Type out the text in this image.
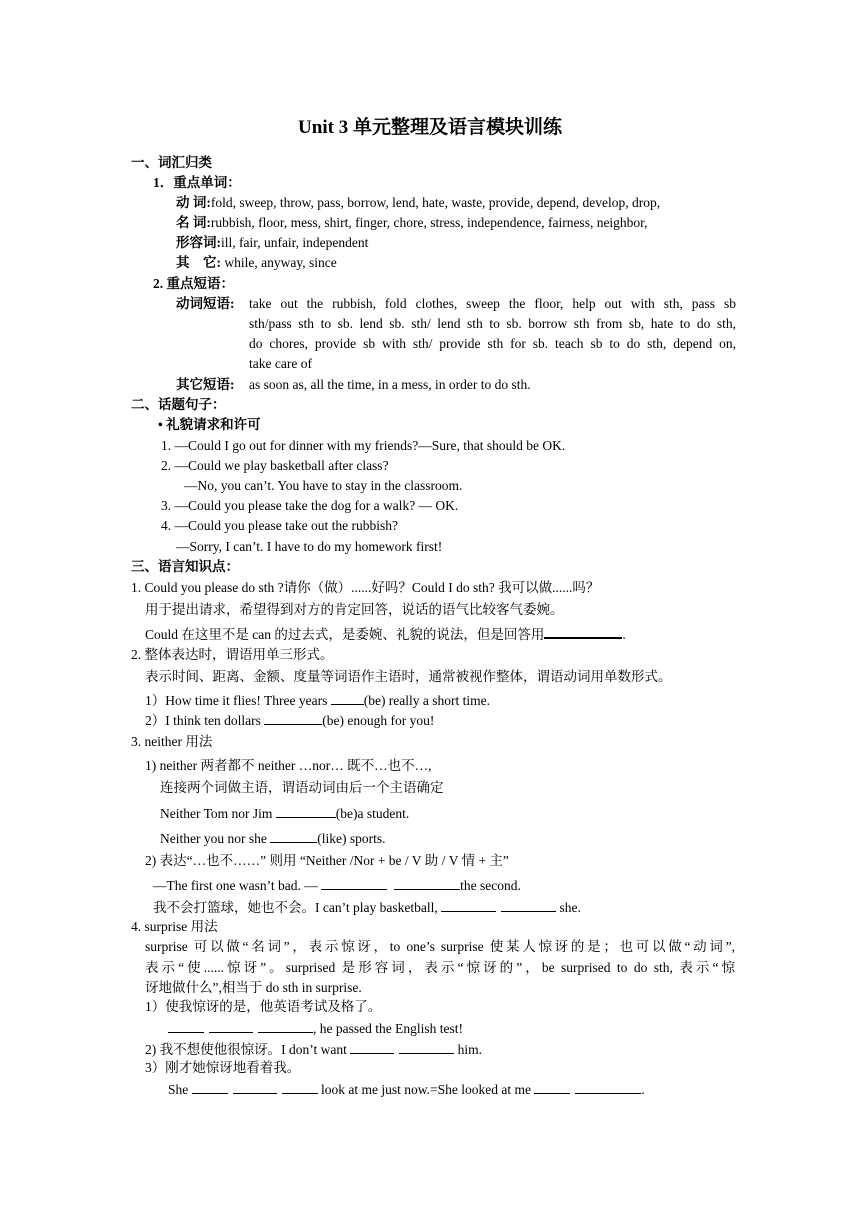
Unit 3 单元整理及语言模块训练
一、词汇归类
1．重点单词：
动 词:fold, sweep, throw, pass, borrow, lend, hate, waste, provide, depend, develop, drop,
名 词:rubbish, floor, mess, shirt, finger, chore, stress, independence, fairness, neighbor,
形容词:ill, fair, unfair, independent
其　它: while, anyway, since
2. 重点短语：
动词短语: take out the rubbish, fold clothes, sweep the floor, help out with sth, pass sb
sth/pass sth to sb. lend sb. sth/ lend sth to sb. borrow sth from sb, hate to do sth,
do chores, provide sb with sth/ provide sth for sb. teach sb to do sth, depend on,
take care of
其它短语: as soon as, all the time, in a mess, in order to do sth.
二、话题句子：
• 礼貌请求和许可
1. —Could I go out for dinner with my friends?—Sure, that should be OK.
2. —Could we play basketball after class?
—No, you can’t. You have to stay in the classroom.
3. —Could you please take the dog for a walk? — OK.
4. —Could you please take out the rubbish?
—Sorry, I can’t. I have to do my homework first!
三、语言知识点：
1. Could you please do sth ?请你（做）......好吗？Could I do sth? 我可以做......吗？
用于提出请求，希望得到对方的肯定回答，说话的语气比较客气委婉。
Could 在这里不是 can 的过去式，是委婉、礼貌的说法，但是回答用	.
2. 整体表达时，谓语用单三形式。
表示时间、距离、金额、度量等词语作主语时，通常被视作整体，谓语动词用单数形式。
1）How time it flies! Three years (be) really a short time.
2）I think ten dollars	(be) enough for you!
3. neither 用法
1) neither 两者都不 neither …nor… 既不…也不…,
连接两个词做主语，谓语动词由后一个主语确定
Neither Tom nor Jim	(be)a student.
Neither you nor she	(like) sports.
2) 表达“…也不……” 则用 “Neither /Nor + be / V 助 / V 情 + 主”
—The first one wasn’t bad. —	the second.
我不会打篮球，她也不会。I can’t play basketball,	she.
4. surprise 用法
surprise 可以做“名词”，表示惊讶，to one’s surprise 使某人惊讶的是；也可以做“动词”,
表示“使......惊讶”。surprised 是形容词，表示“惊讶的”，be surprised to do sth, 表示“惊
讶地做什么”,相当于 do sth in surprise.
1）使我惊讶的是，他英语考试及格了。
, he passed the English test!
2) 我不想使他很惊讶。I don’t want	him.
3）刚才她惊讶地看着我。
She	look at me just now.=She looked at me	.
